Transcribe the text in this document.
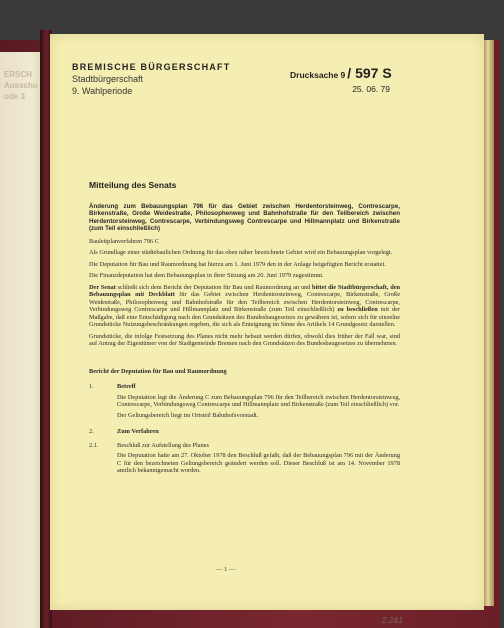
ERSCH
Ausschu
ode 3
BREMISCHE BÜRGERSCHAFT
Stadtbürgerschaft
9. Wahlperiode
Drucksache 9 / 597 S
25. 06. 79
Mitteilung des Senats

Änderung zum Bebauungsplan 796 für das Gebiet zwischen Herdentorsteinweg, Contrescarpe, Birkenstraße, Große Weidestraße, Philosophenweg und Bahnhofstraße für den Teilbereich zwischen Herdentorsteinweg, Contrescarpe, Verbindungsweg Contrescarpe und Hillmannplatz und Birkenstraße (zum Teil einschließlich)

Bauleitplanverfahren 796 C

Als Grundlage einer städtebaulichen Ordnung für das oben näher bezeichnete Gebiet wird ein Bebauungsplan vorgelegt.

Die Deputation für Bau und Raumordnung hat hierzu am 1. Juni 1979 den in der Anlage beigefügten Bericht erstattet.

Die Finanzdeputation hat dem Bebauungsplan in ihrer Sitzung am 20. Juni 1979 zugestimmt.

Der Senat schließt sich dem Bericht der Deputation für Bau und Raumordnung an und bittet die Stadtbürgerschaft, den Bebauungsplan mit Deckblatt für das Gebiet zwischen Herdentorsteinweg, Contrescarpe, Birkenstraße, Große Weidestraße, Philosophenweg und Bahnhofstraße für den Teilbereich zwischen Herdentorsteinweg, Contrescarpe, Verbindungsweg Contrescarpe und Hillmannplatz und Birkenstraße (zum Teil einschließlich) zu beschließen mit der Maßgabe, daß eine Entschädigung nach den Grundsätzen des Bundesbaugesetzes zu gewähren ist, sofern sich für einzelne Grundstücke Nutzungsbeschränkungen ergeben, die sich als Enteignung im Sinne des Artikels 14 Grundgesetz darstellen.

Grundstücke, die infolge Festsetzung des Planes nicht mehr bebaut werden dürfen, obwohl dies früher der Fall war, sind auf Antrag der Eigentümer von der Stadtgemeinde Bremen nach den Grundsätzen des Bundesbaugesetzes zu übernehmen.

Bericht der Deputation für Bau und Raumordnung
1.	Betreff

Die Deputation legt die Änderung C zum Bebauungsplan 796 für den Teilbereich zwischen Herdentorsteinweg, Contrescarpe, Verbindungsweg Contrescarpe und Hillmannplatz und Birkenstraße (zum Teil einschließlich) vor.

Der Geltungsbereich liegt im Ortsteil Bahnhofsvorstadt.

2.	Zum Verfahren
2.1.	Beschluß zur Aufstellung des Planes

Die Deputation hatte am 27. Oktober 1978 den Beschluß gefaßt, daß der Bebauungsplan 796 mit der Änderung C für den bezeichneten Geltungsbereich geändert werden soll. Dieser Beschluß ist am 14. November 1978 amtlich bekanntgemacht worden.

— 1 —
2.2&1
